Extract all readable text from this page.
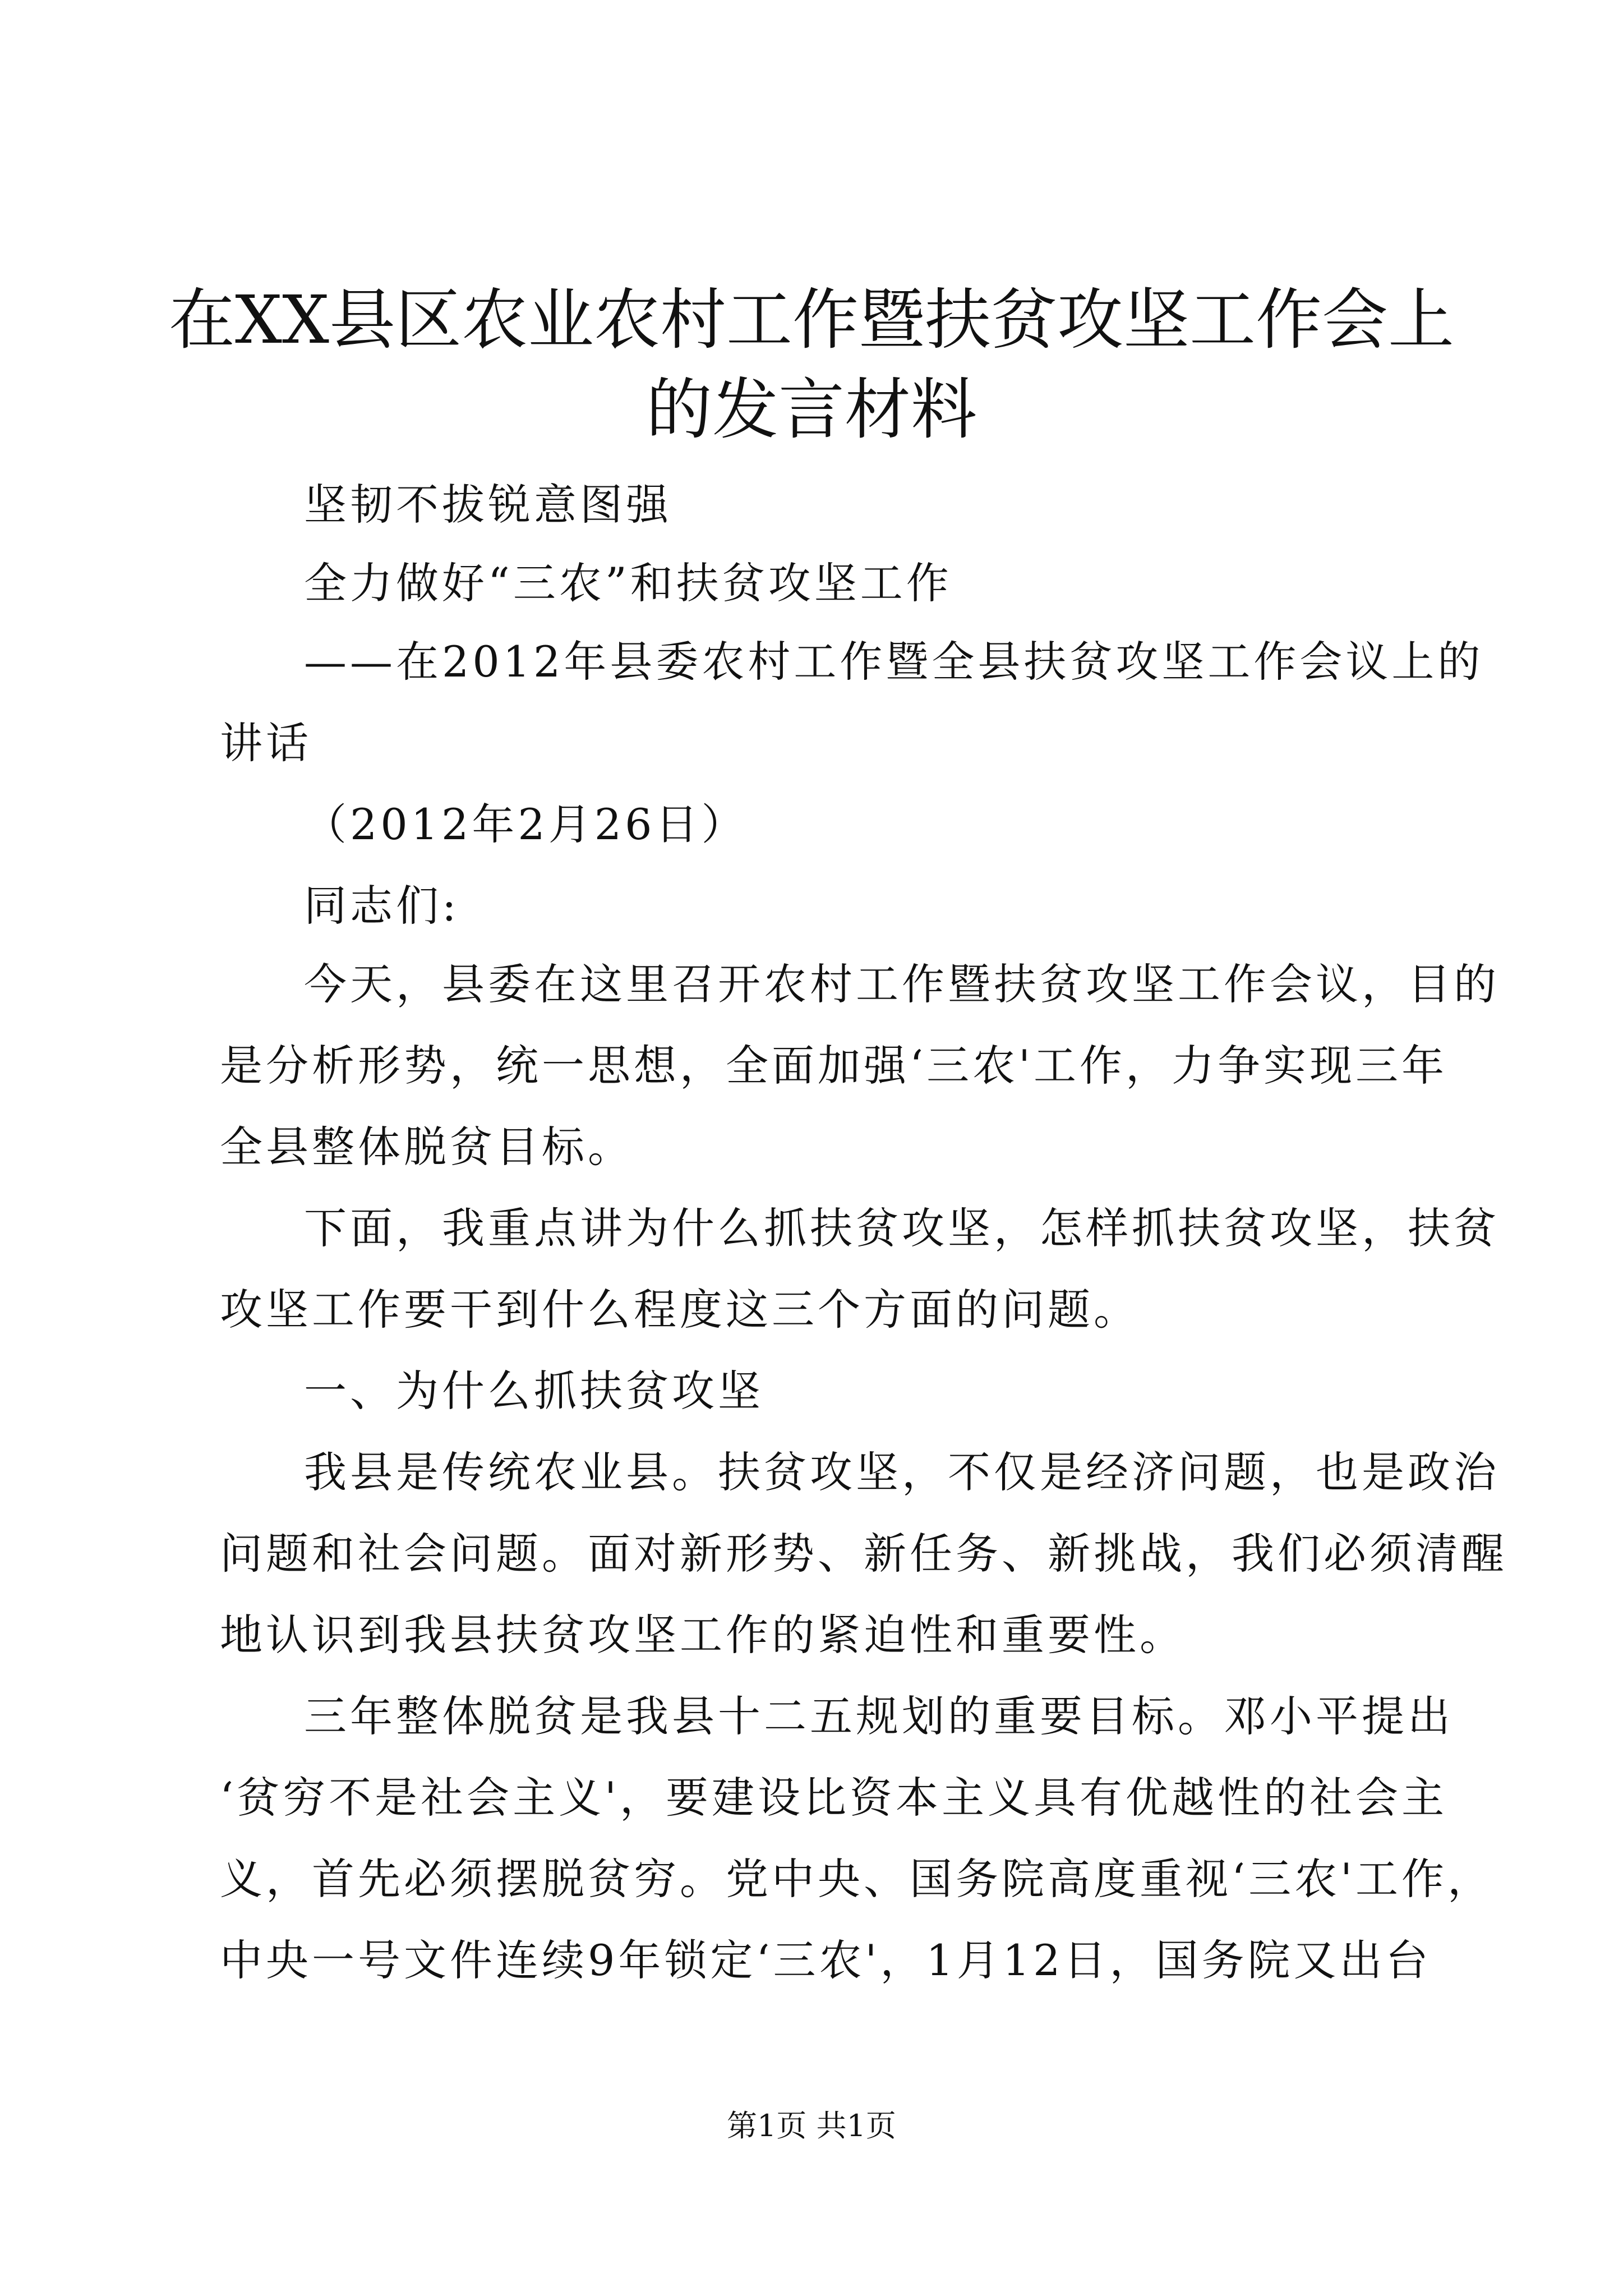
在XX县区农业农村工作暨扶贫攻坚工作会上
的发言材料

坚韧不拔锐意图强

全力做好“三农”和扶贫攻坚工作

——在2012年县委农村工作暨全县扶贫攻坚工作会议上的

讲话

（2012年2月26日）

同志们:

今天，县委在这里召开农村工作暨扶贫攻坚工作会议，目的

是分析形势，统一思想，全面加强‘三农'工作，力争实现三年

全县整体脱贫目标。

下面，我重点讲为什么抓扶贫攻坚，怎样抓扶贫攻坚，扶贫

攻坚工作要干到什么程度这三个方面的问题。

一、为什么抓扶贫攻坚

我县是传统农业县。扶贫攻坚，不仅是经济问题，也是政治

问题和社会问题。面对新形势、新任务、新挑战，我们必须清醒

地认识到我县扶贫攻坚工作的紧迫性和重要性。

三年整体脱贫是我县十二五规划的重要目标。邓小平提出

‘贫穷不是社会主义'，要建设比资本主义具有优越性的社会主

义，首先必须摆脱贫穷。党中央、国务院高度重视‘三农'工作，

中央一号文件连续9年锁定‘三农'，1月12日，国务院又出台

第1页 共1页
